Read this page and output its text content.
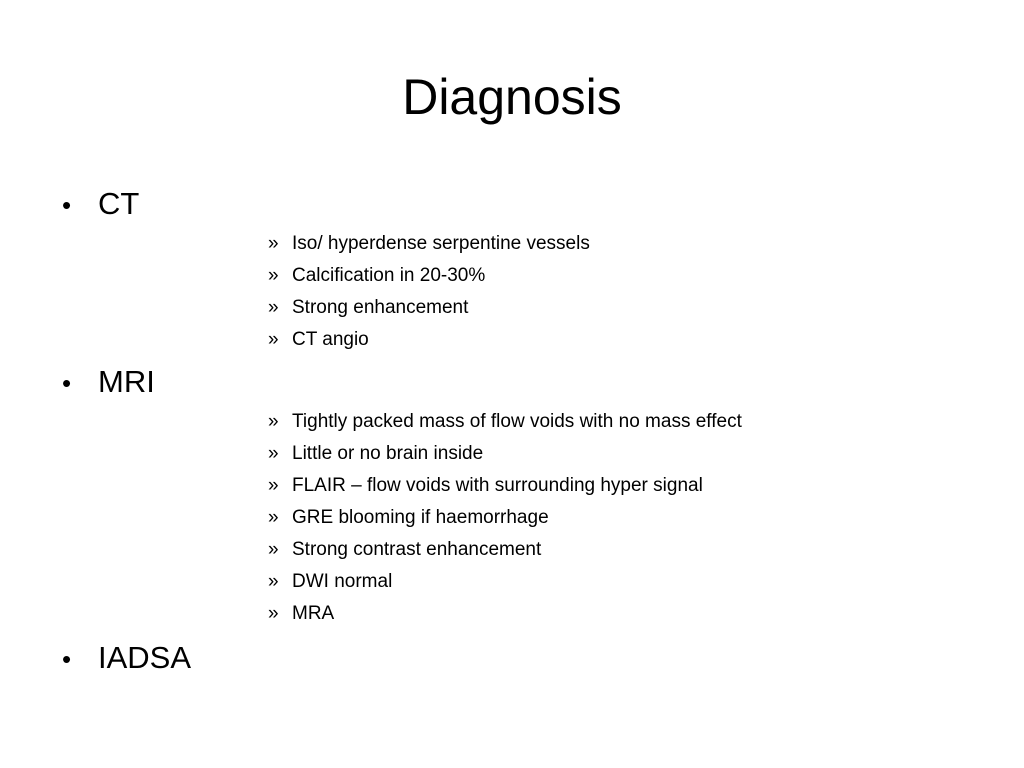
Diagnosis
• CT
» Iso/ hyperdense serpentine vessels
» Calcification in 20-30%
» Strong enhancement
» CT angio
• MRI
» Tightly packed mass of flow voids with no mass effect
» Little or no brain inside
» FLAIR – flow voids with surrounding hyper signal
» GRE blooming if haemorrhage
» Strong contrast enhancement
» DWI normal
» MRA
• IADSA
